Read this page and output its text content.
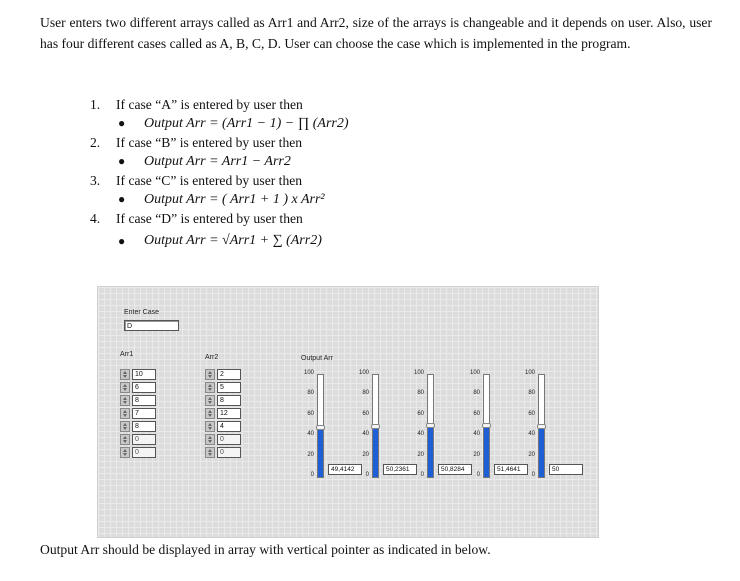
User enters two different arrays called as Arr1 and Arr2, size of the arrays is changeable and it depends on user. Also, user has four different cases called as A, B, C, D. User can choose the case which is implemented in the program.
1.	If case “A” is entered by user then
● Output Arr = (Arr1 − 1) − ∏ (Arr2)
2.	If case “B” is entered by user then
● Output Arr = Arr1 − Arr2
3.	If case “C” is entered by user then
● Output Arr = ( Arr1 + 1 ) x Arr²
4.	If case “D” is entered by user then
● Output Arr = √Arr1 + ∑ (Arr2)
Enter Case
D
Arr1
10
6
8
7
8
0
0
Arr2
2
5
8
12
4
0
0
Output Arr
100
80
60
40
20
0
49,4142
100
80
60
40
20
0
50,2361
100
80
60
40
20
0
50,8284
100
80
60
40
20
0
51,4641
100
80
60
40
20
0
50
Output Arr should be displayed in array with vertical pointer as indicated in below.
